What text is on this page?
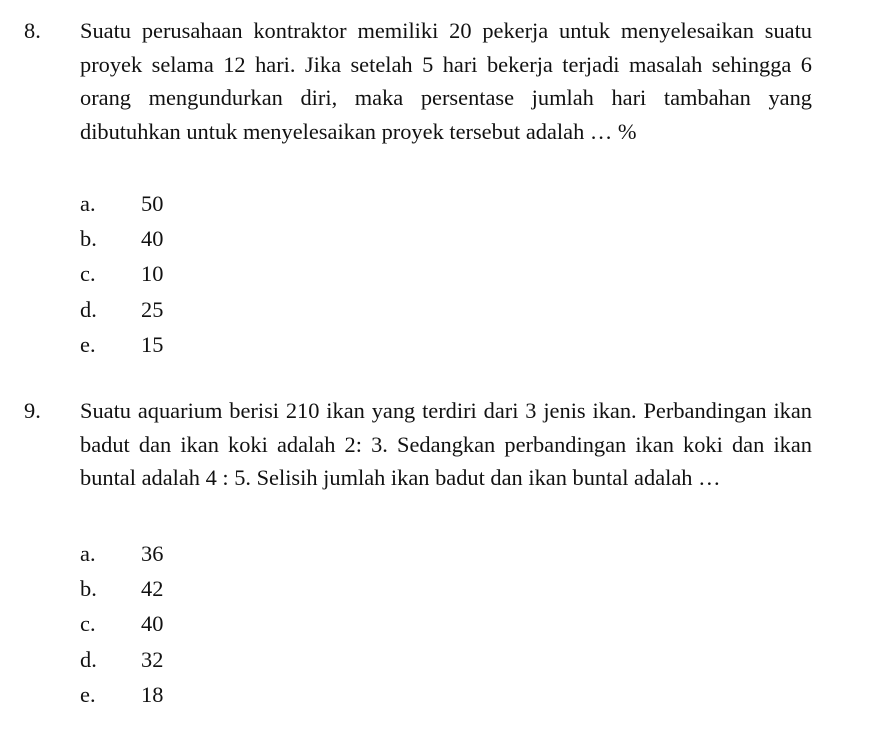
8. Suatu perusahaan kontraktor memiliki 20 pekerja untuk menyelesaikan suatu proyek selama 12 hari. Jika setelah 5 hari bekerja terjadi masalah sehingga 6 orang mengundurkan diri, maka persentase jumlah hari tambahan yang dibutuhkan untuk menyelesaikan proyek tersebut adalah … %
a. 50
b. 40
c. 10
d. 25
e. 15
9. Suatu aquarium berisi 210 ikan yang terdiri dari 3 jenis ikan. Perbandingan ikan badut dan ikan koki adalah 2: 3. Sedangkan perbandingan ikan koki dan ikan buntal adalah 4 : 5. Selisih jumlah ikan badut dan ikan buntal adalah …
a. 36
b. 42
c. 40
d. 32
e. 18
